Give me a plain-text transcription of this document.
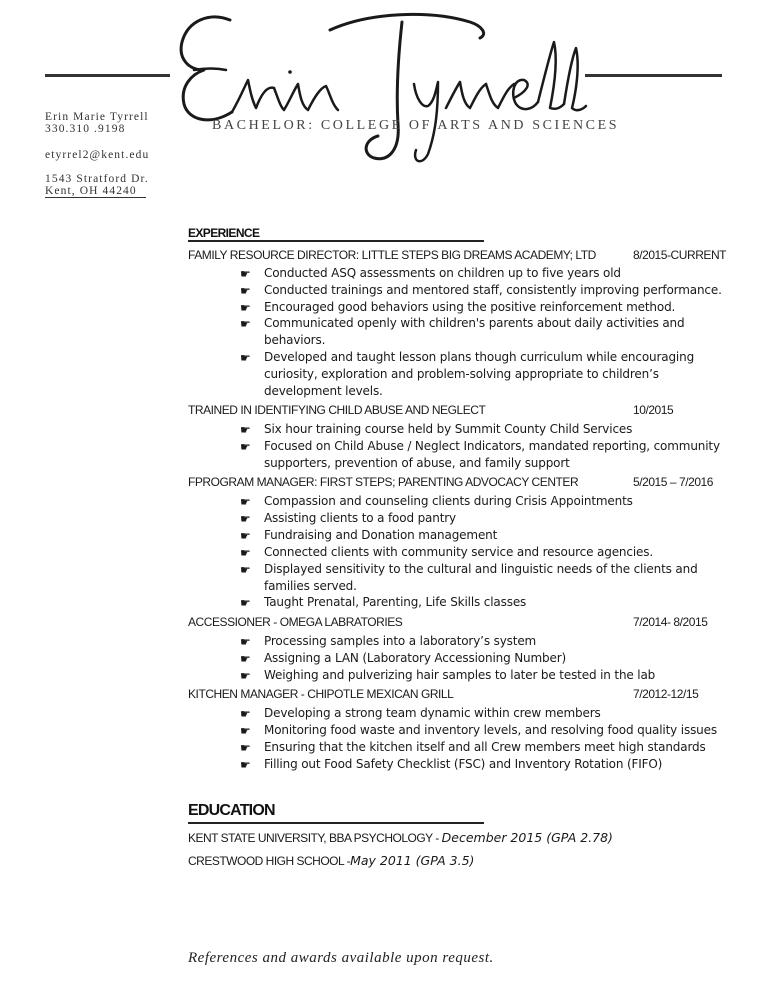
BACHELOR: COLLEGE OF ARTS AND SCIENCES
Erin Marie Tyrrell
330.310 .9198
etyrrel2@kent.edu
1543 Stratford Dr.
Kent, OH 44240
EXPERIENCE
FAMILY RESOURCE DIRECTOR: LITTLE STEPS BIG DREAMS ACADEMY; LTD	8/2015-CURRENT
☛ Conducted ASQ assessments on children up to five years old
☛ Conducted trainings and mentored staff, consistently improving performance.
☛ Encouraged good behaviors using the positive reinforcement method.
☛ Communicated openly with children's parents about daily activities and behaviors.
☛ Developed and taught lesson plans though curriculum while encouraging curiosity, exploration and problem-solving appropriate to children’s development levels.
TRAINED IN IDENTIFYING CHILD ABUSE AND NEGLECT	10/2015
☛ Six hour training course held by Summit County Child Services
☛ Focused on Child Abuse / Neglect Indicators, mandated reporting, community supporters, prevention of abuse, and family support
FPROGRAM MANAGER: FIRST STEPS; PARENTING ADVOCACY CENTER	5/2015 – 7/2016
☛ Compassion and counseling clients during Crisis Appointments
☛ Assisting clients to a food pantry
☛ Fundraising and Donation management
☛ Connected clients with community service and resource agencies.
☛ Displayed sensitivity to the cultural and linguistic needs of the clients and families served.
☛ Taught Prenatal, Parenting, Life Skills classes
ACCESSIONER - OMEGA LABRATORIES	7/2014- 8/2015
☛ Processing samples into a laboratory’s system
☛ Assigning a LAN (Laboratory Accessioning Number)
☛ Weighing and pulverizing hair samples to later be tested in the lab
KITCHEN MANAGER - CHIPOTLE MEXICAN GRILL	7/2012-12/15
☛ Developing a strong team dynamic within crew members
☛ Monitoring food waste and inventory levels, and resolving food quality issues
☛ Ensuring that the kitchen itself and all Crew members meet high standards
☛ Filling out Food Safety Checklist (FSC) and Inventory Rotation (FIFO)
EDUCATION
KENT STATE UNIVERSITY, BBA PSYCHOLOGY - December 2015 (GPA 2.78)
CRESTWOOD HIGH SCHOOL -May 2011 (GPA 3.5)
References and awards available upon request.
